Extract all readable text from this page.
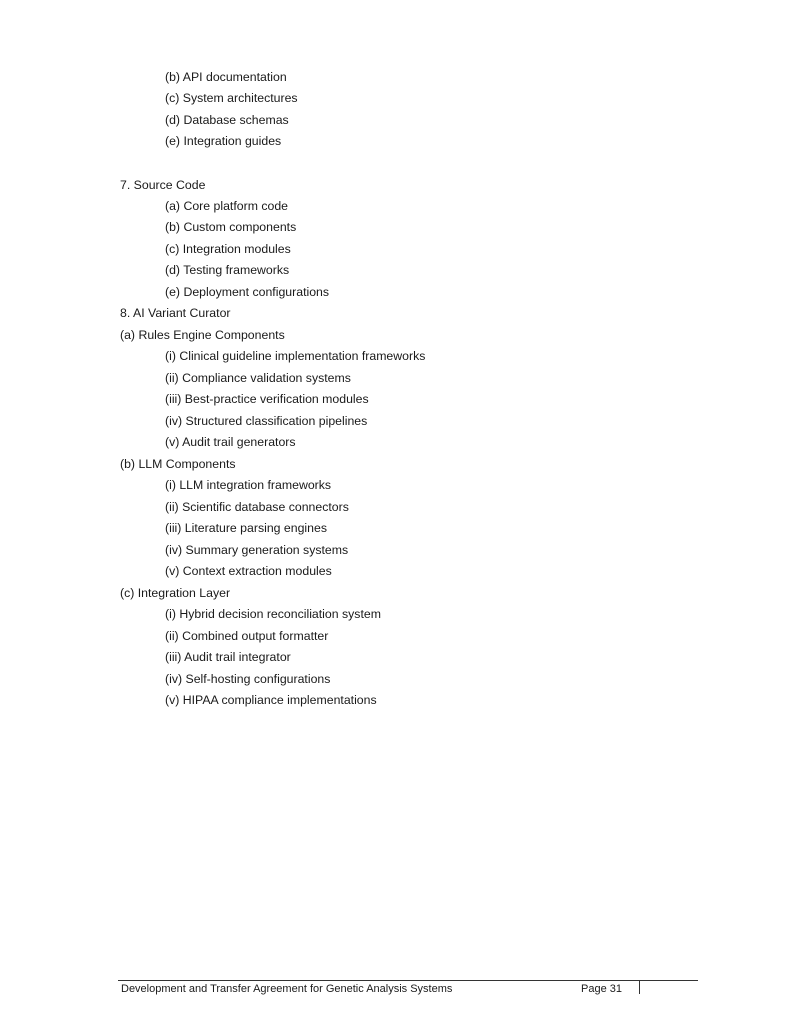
(b) API documentation
(c) System architectures
(d) Database schemas
(e) Integration guides
7. Source Code
(a) Core platform code
(b) Custom components
(c) Integration modules
(d) Testing frameworks
(e) Deployment configurations
8. AI Variant Curator
(a) Rules Engine Components
(i) Clinical guideline implementation frameworks
(ii) Compliance validation systems
(iii) Best-practice verification modules
(iv) Structured classification pipelines
(v) Audit trail generators
(b) LLM Components
(i) LLM integration frameworks
(ii) Scientific database connectors
(iii) Literature parsing engines
(iv) Summary generation systems
(v) Context extraction modules
(c) Integration Layer
(i) Hybrid decision reconciliation system
(ii) Combined output formatter
(iii) Audit trail integrator
(iv) Self-hosting configurations
(v) HIPAA compliance implementations
Development and Transfer Agreement for Genetic Analysis Systems	Page 31
